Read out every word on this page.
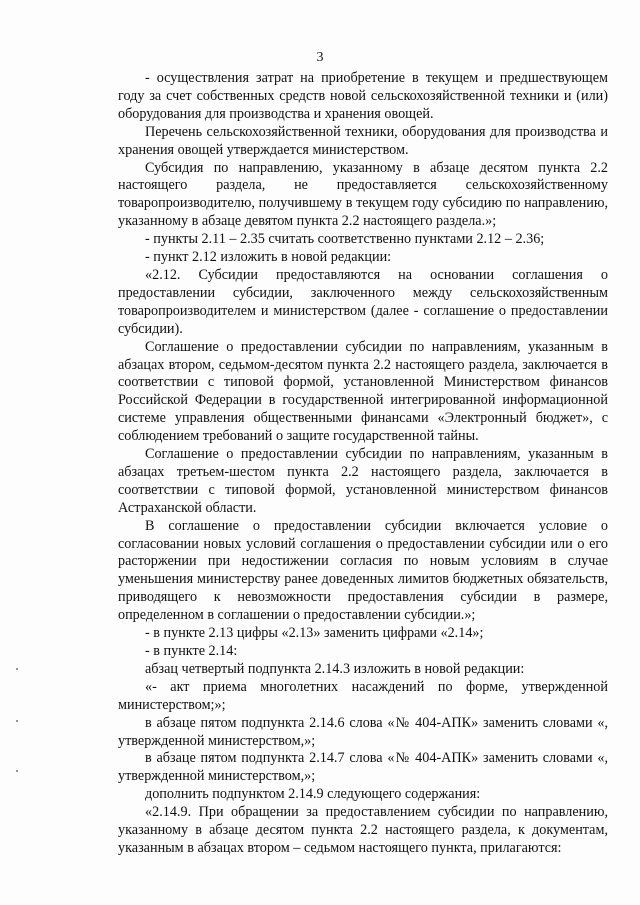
3

- осуществления затрат на приобретение в текущем и предшествующем году за счет собственных средств новой сельскохозяйственной техники и (или) оборудования для производства и хранения овощей.

Перечень сельскохозяйственной техники, оборудования для производства и хранения овощей утверждается министерством.

Субсидия по направлению, указанному в абзаце десятом пункта 2.2 настоящего раздела, не предоставляется сельскохозяйственному товаропроизводителю, получившему в текущем году субсидию по направлению, указанному в абзаце девятом пункта 2.2 настоящего раздела.»;

- пункты 2.11 – 2.35 считать соответственно пунктами 2.12 – 2.36;

- пункт 2.12 изложить в новой редакции:

«2.12. Субсидии предоставляются на основании соглашения о предоставлении субсидии, заключенного между сельскохозяйственным товаропроизводителем и министерством (далее - соглашение о предоставлении субсидии).

Соглашение о предоставлении субсидии по направлениям, указанным в абзацах втором, седьмом-десятом пункта 2.2 настоящего раздела, заключается в соответствии с типовой формой, установленной Министерством финансов Российской Федерации в государственной интегрированной информационной системе управления общественными финансами «Электронный бюджет», с соблюдением требований о защите государственной тайны.

Соглашение о предоставлении субсидии по направлениям, указанным в абзацах третьем-шестом пункта 2.2 настоящего раздела, заключается в соответствии с типовой формой, установленной министерством финансов Астраханской области.

В соглашение о предоставлении субсидии включается условие о согласовании новых условий соглашения о предоставлении субсидии или о его расторжении при недостижении согласия по новым условиям в случае уменьшения министерству ранее доведенных лимитов бюджетных обязательств, приводящего к невозможности предоставления субсидии в размере, определенном в соглашении о предоставлении субсидии.»;

- в пункте 2.13 цифры «2.13» заменить цифрами «2.14»;

- в пункте 2.14:

абзац четвертый подпункта 2.14.3 изложить в новой редакции:

«- акт приема многолетних насаждений по форме, утвержденной министерством;»;

в абзаце пятом подпункта 2.14.6 слова «№ 404-АПК» заменить словами «, утвержденной министерством,»;

в абзаце пятом подпункта 2.14.7 слова «№ 404-АПК» заменить словами «, утвержденной министерством,»;

дополнить подпунктом 2.14.9 следующего содержания:

«2.14.9. При обращении за предоставлением субсидии по направлению, указанному в абзаце десятом пункта 2.2 настоящего раздела, к документам, указанным в абзацах втором – седьмом настоящего пункта, прилагаются:
